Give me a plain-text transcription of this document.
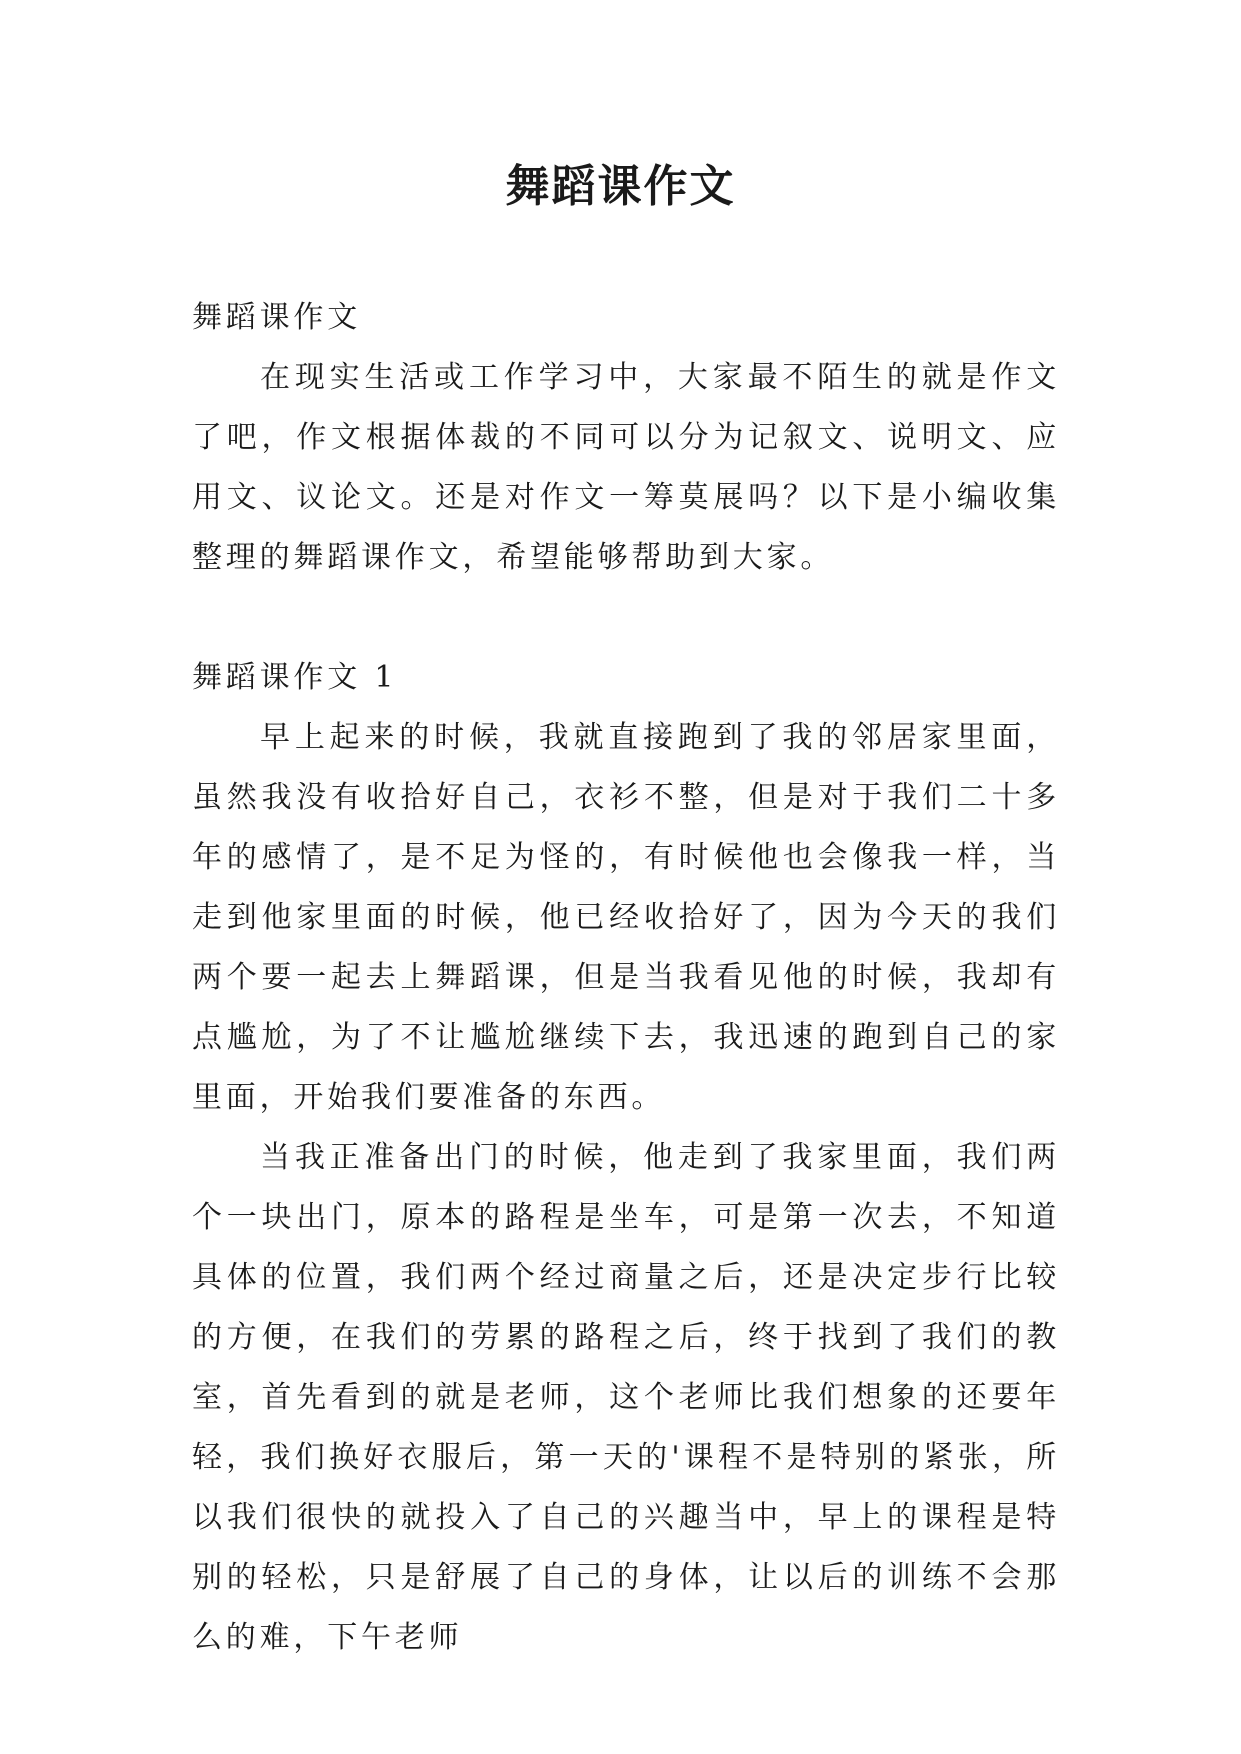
舞蹈课作文

舞蹈课作文

在现实生活或工作学习中，大家最不陌生的就是作文了吧，作文根据体裁的不同可以分为记叙文、说明文、应用文、议论文。还是对作文一筹莫展吗？以下是小编收集整理的舞蹈课作文，希望能够帮助到大家。

舞蹈课作文 1

早上起来的时候，我就直接跑到了我的邻居家里面，虽然我没有收拾好自己，衣衫不整，但是对于我们二十多年的感情了，是不足为怪的，有时候他也会像我一样，当走到他家里面的时候，他已经收拾好了，因为今天的我们两个要一起去上舞蹈课，但是当我看见他的时候，我却有点尴尬，为了不让尴尬继续下去，我迅速的跑到自己的家里面，开始我们要准备的东西。

当我正准备出门的时候，他走到了我家里面，我们两个一块出门，原本的路程是坐车，可是第一次去，不知道具体的位置，我们两个经过商量之后，还是决定步行比较的方便，在我们的劳累的路程之后，终于找到了我们的教室，首先看到的就是老师，这个老师比我们想象的还要年轻，我们换好衣服后，第一天的'课程不是特别的紧张，所以我们很快的就投入了自己的兴趣当中，早上的课程是特别的轻松，只是舒展了自己的身体，让以后的训练不会那么的难，下午老师
